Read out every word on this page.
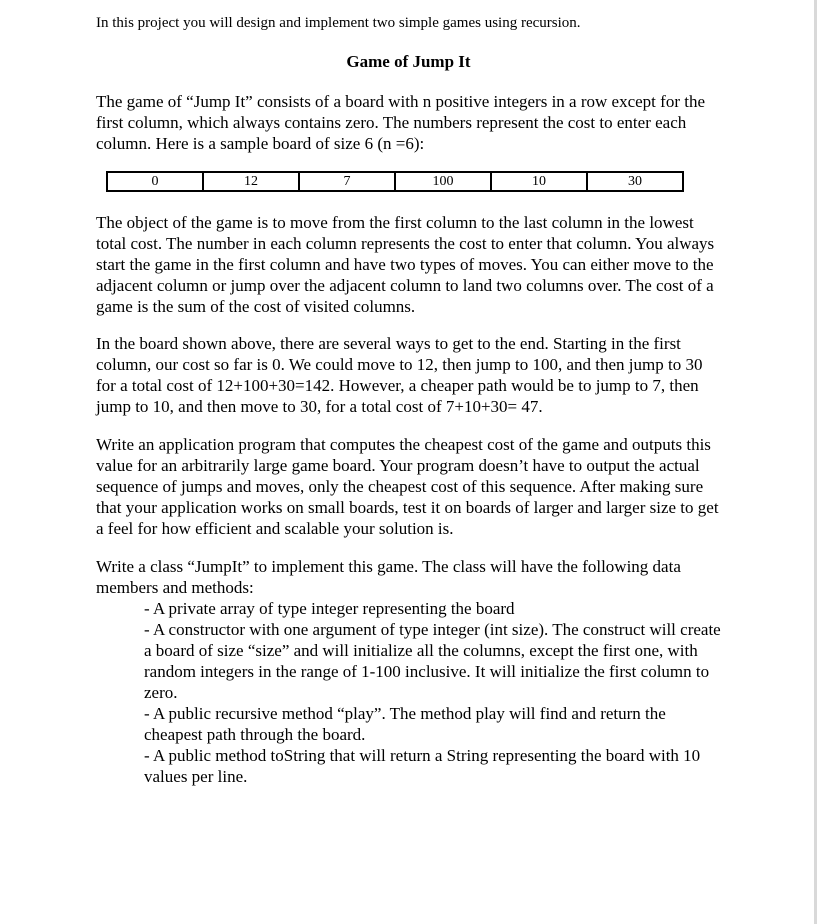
In this project you will design and implement two simple games using recursion.
Game of Jump It

The game of “Jump It” consists of a board with n positive integers in a row except for the first column, which always contains zero. The numbers represent the cost to enter each column. Here is a sample board of size 6 (n =6):

The object of the game is to move from the first column to the last column in the lowest total cost. The number in each column represents the cost to enter that column. You always start the game in the first column and have two types of moves. You can either move to the adjacent column or jump over the adjacent column to land two columns over. The cost of a game is the sum of the cost of visited columns.

In the board shown above, there are several ways to get to the end. Starting in the first column, our cost so far is 0. We could move to 12, then jump to 100, and then jump to 30 for a total cost of 12+100+30=142. However, a cheaper path would be to jump to 7, then jump to 10, and then move to 30, for a total cost of 7+10+30= 47.

Write an application program that computes the cheapest cost of the game and outputs this value for an arbitrarily large game board. Your program doesn’t have to output the actual sequence of jumps and moves, only the cheapest cost of this sequence. After making sure that your application works on small boards, test it on boards of larger and larger size to get a feel for how efficient and scalable your solution is.

Write a class “JumpIt” to implement this game. The class will have the following data members and methods:

- A private array of type integer representing the board
- A constructor with one argument of type integer (int size). The construct will create a board of size “size” and will initialize all the columns, except the first one, with random integers in the range of 1-100 inclusive. It will initialize the first column to zero.
- A public recursive method “play”. The method play will find and return the cheapest path through the board.
- A public method toString that will return a String representing the board with 10 values per line.
0	12	7	100	10	30
